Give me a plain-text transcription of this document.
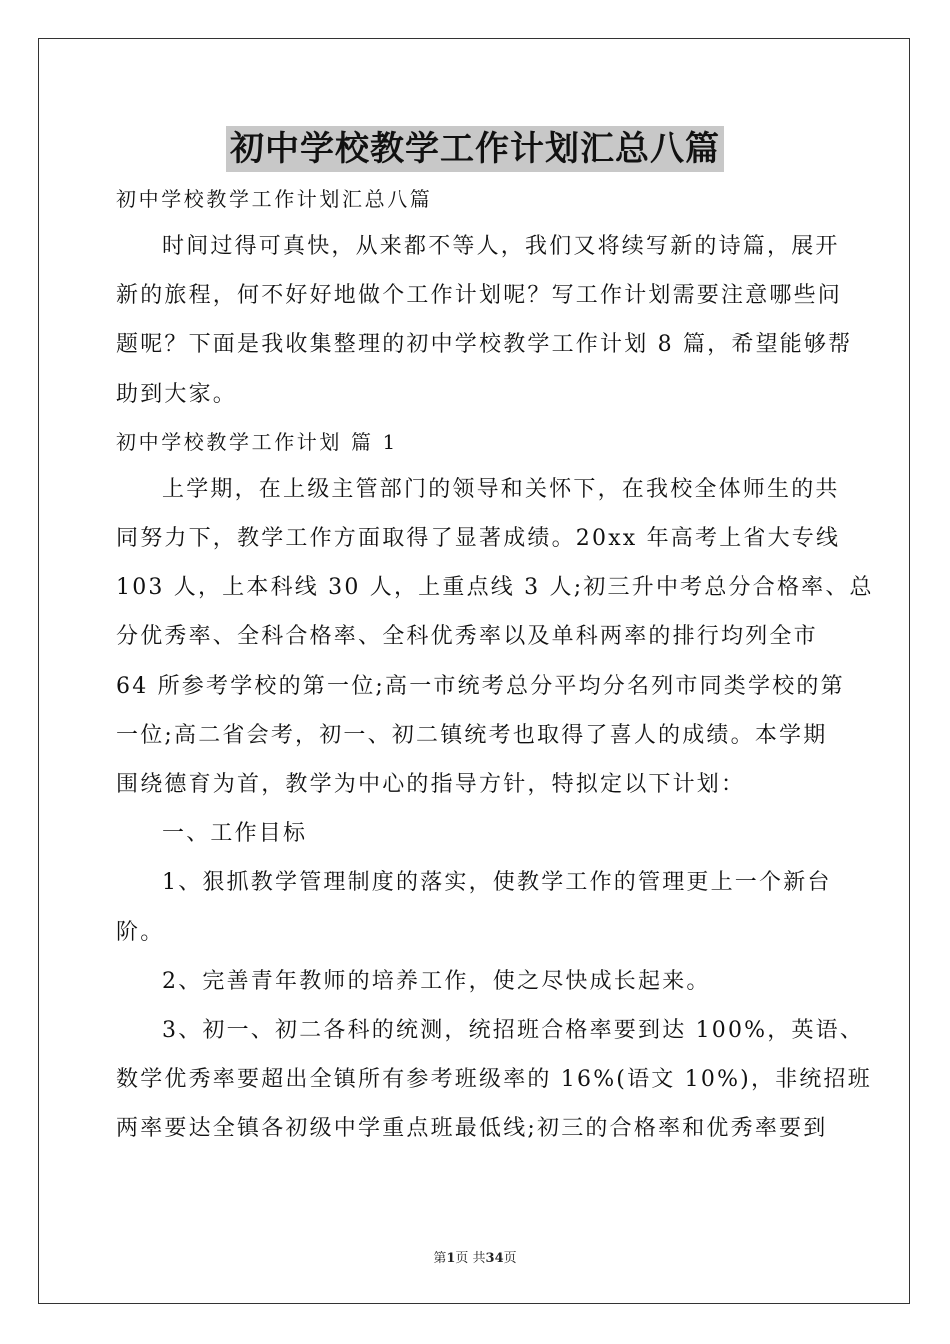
初中学校教学工作计划汇总八篇
初中学校教学工作计划汇总八篇
时间过得可真快，从来都不等人，我们又将续写新的诗篇，展开
新的旅程，何不好好地做个工作计划呢？写工作计划需要注意哪些问
题呢？下面是我收集整理的初中学校教学工作计划 8 篇，希望能够帮
助到大家。
初中学校教学工作计划 篇 1
上学期，在上级主管部门的领导和关怀下，在我校全体师生的共
同努力下，教学工作方面取得了显著成绩。20xx 年高考上省大专线
103 人，上本科线 30 人，上重点线 3 人;初三升中考总分合格率、总
分优秀率、全科合格率、全科优秀率以及单科两率的排行均列全市
64 所参考学校的第一位;高一市统考总分平均分名列市同类学校的第
一位;高二省会考，初一、初二镇统考也取得了喜人的成绩。本学期
围绕德育为首，教学为中心的指导方针，特拟定以下计划：
一、工作目标
1、狠抓教学管理制度的落实，使教学工作的管理更上一个新台
阶。
2、完善青年教师的培养工作，使之尽快成长起来。
3、初一、初二各科的统测，统招班合格率要到达 100%，英语、
数学优秀率要超出全镇所有参考班级率的 16%(语文 10%)，非统招班
两率要达全镇各初级中学重点班最低线;初三的合格率和优秀率要到
第1页 共34页
